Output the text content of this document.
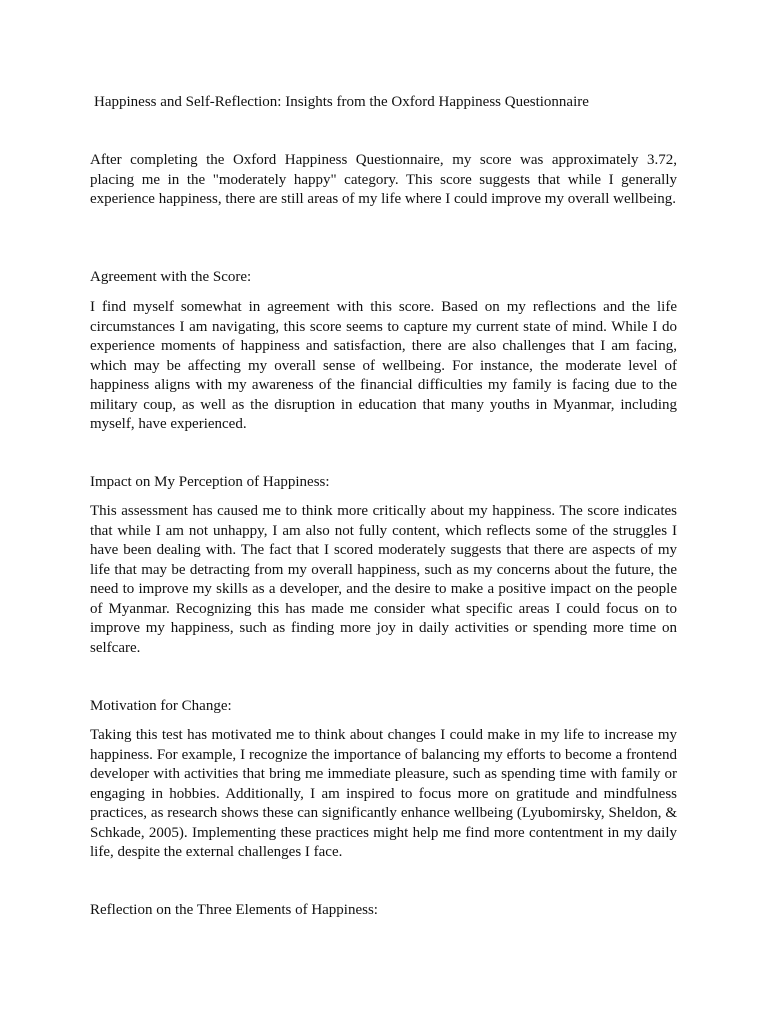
Happiness and Self-Reflection: Insights from the Oxford Happiness Questionnaire

After completing the Oxford Happiness Questionnaire, my score was approximately 3.72, placing me in the "moderately happy" category. This score suggests that while I generally experience happiness, there are still areas of my life where I could improve my overall wellbeing.

Agreement with the Score:

I find myself somewhat in agreement with this score. Based on my reflections and the life circumstances I am navigating, this score seems to capture my current state of mind. While I do experience moments of happiness and satisfaction, there are also challenges that I am facing, which may be affecting my overall sense of wellbeing. For instance, the moderate level of happiness aligns with my awareness of the financial difficulties my family is facing due to the military coup, as well as the disruption in education that many youths in Myanmar, including myself, have experienced.

Impact on My Perception of Happiness:

This assessment has caused me to think more critically about my happiness. The score indicates that while I am not unhappy, I am also not fully content, which reflects some of the struggles I have been dealing with. The fact that I scored moderately suggests that there are aspects of my life that may be detracting from my overall happiness, such as my concerns about the future, the need to improve my skills as a developer, and the desire to make a positive impact on the people of Myanmar. Recognizing this has made me consider what specific areas I could focus on to improve my happiness, such as finding more joy in daily activities or spending more time on selfcare.

Motivation for Change:

Taking this test has motivated me to think about changes I could make in my life to increase my happiness. For example, I recognize the importance of balancing my efforts to become a frontend developer with activities that bring me immediate pleasure, such as spending time with family or engaging in hobbies. Additionally, I am inspired to focus more on gratitude and mindfulness practices, as research shows these can significantly enhance wellbeing (Lyubomirsky, Sheldon, & Schkade, 2005). Implementing these practices might help me find more contentment in my daily life, despite the external challenges I face.

Reflection on the Three Elements of Happiness:
